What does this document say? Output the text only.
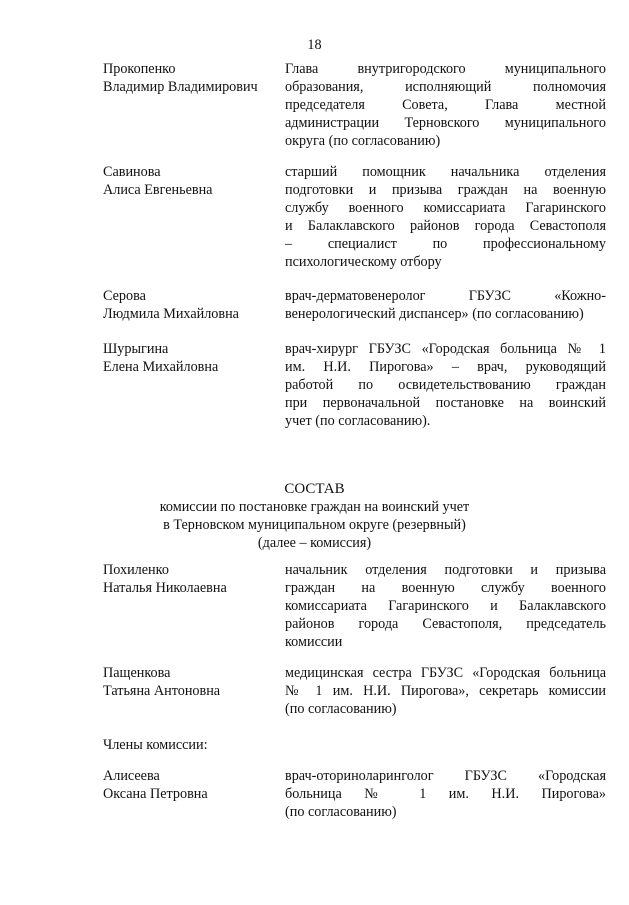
18
Прокопенко
Владимир Владимирович
Глава внутригородского муниципального
образования, исполняющий полномочия
председателя Совета, Глава местной
администрации Терновского муниципального
округа (по согласованию)
Савинова
Алиса Евгеньевна
старший помощник начальника отделения
подготовки и призыва граждан на военную
службу военного комиссариата Гагаринского
и Балаклавского районов города Севастополя
– специалист по профессиональному
психологическому отбору
Серова
Людмила Михайловна
врач-дерматовенеролог ГБУЗС «Кожно-
венерологический диспансер» (по согласованию)
Шурыгина
Елена Михайловна
врач-хирург ГБУЗС «Городская больница № 1
им. Н.И. Пирогова» – врач, руководящий
работой по освидетельствованию граждан
при первоначальной постановке на воинский
учет (по согласованию).
СОСТАВ
комиссии по постановке граждан на воинский учет
в Терновском муниципальном округе (резервный)
(далее – комиссия)
Похиленко
Наталья Николаевна
начальник отделения подготовки и призыва
граждан на военную службу военного
комиссариата Гагаринского и Балаклавского
районов города Севастополя, председатель
комиссии
Пащенкова
Татьяна Антоновна
медицинская сестра ГБУЗС «Городская больница
№ 1 им. Н.И. Пирогова», секретарь комиссии
(по согласованию)
Члены комиссии:
Алисеева
Оксана Петровна
врач-оториноларинголог ГБУЗС «Городская
больница № 1 им. Н.И. Пирогова»
(по согласованию)
